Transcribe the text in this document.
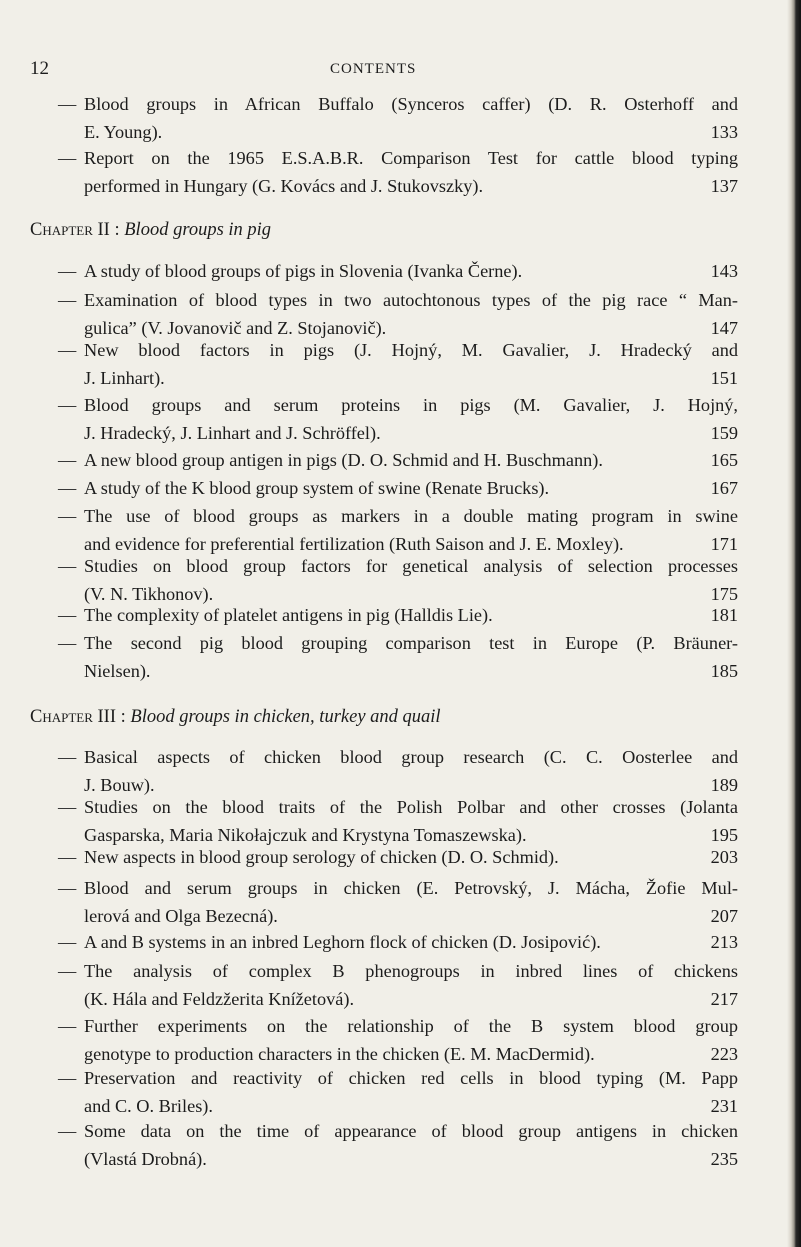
12	CONTENTS
Chapter II : Blood groups in pig
Chapter III : Blood groups in chicken, turkey and quail
— Blood groups in African Buffalo (Synceros caffer) (D. R. Osterhoff and
E. Young).	133
— Report on the 1965 E.S.A.B.R. Comparison Test for cattle blood typing
performed in Hungary (G. Kovács and J. Stukovszky).	137
— A study of blood groups of pigs in Slovenia (Ivanka Černe).	143
— Examination of blood types in two autochtonous types of the pig race “ Man-
gulica” (V. Jovanovič and Z. Stojanovič).	147
— New blood factors in pigs (J. Hojný, M. Gavalier, J. Hradecký and
J. Linhart).	151
— Blood groups and serum proteins in pigs (M. Gavalier, J. Hojný,
J. Hradecký, J. Linhart and J. Schröffel).	159
— A new blood group antigen in pigs (D. O. Schmid and H. Buschmann).	165
— A study of the K blood group system of swine (Renate Brucks).	167
— The use of blood groups as markers in a double mating program in swine
and evidence for preferential fertilization (Ruth Saison and J. E. Moxley).	171
— Studies on blood group factors for genetical analysis of selection processes
(V. N. Tikhonov).	175
— The complexity of platelet antigens in pig (Halldis Lie).	181
— The second pig blood grouping comparison test in Europe (P. Bräuner-
Nielsen).	185
— Basical aspects of chicken blood group research (C. C. Oosterlee and
J. Bouw).	189
— Studies on the blood traits of the Polish Polbar and other crosses (Jolanta
Gasparska, Maria Nikołajczuk and Krystyna Tomaszewska).	195
— New aspects in blood group serology of chicken (D. O. Schmid).	203
— Blood and serum groups in chicken (E. Petrovský, J. Mácha, Žofie Mul-
lerová and Olga Bezecná).	207
— A and B systems in an inbred Leghorn flock of chicken (D. Josipović).	213
— The analysis of complex B phenogroups in inbred lines of chickens
(K. Hála and Feldzžerita Knížetová).	217
— Further experiments on the relationship of the B system blood group
genotype to production characters in the chicken (E. M. MacDermid).	223
— Preservation and reactivity of chicken red cells in blood typing (M. Papp
and C. O. Briles).	231
— Some data on the time of appearance of blood group antigens in chicken
(Vlastá Drobná).	235
